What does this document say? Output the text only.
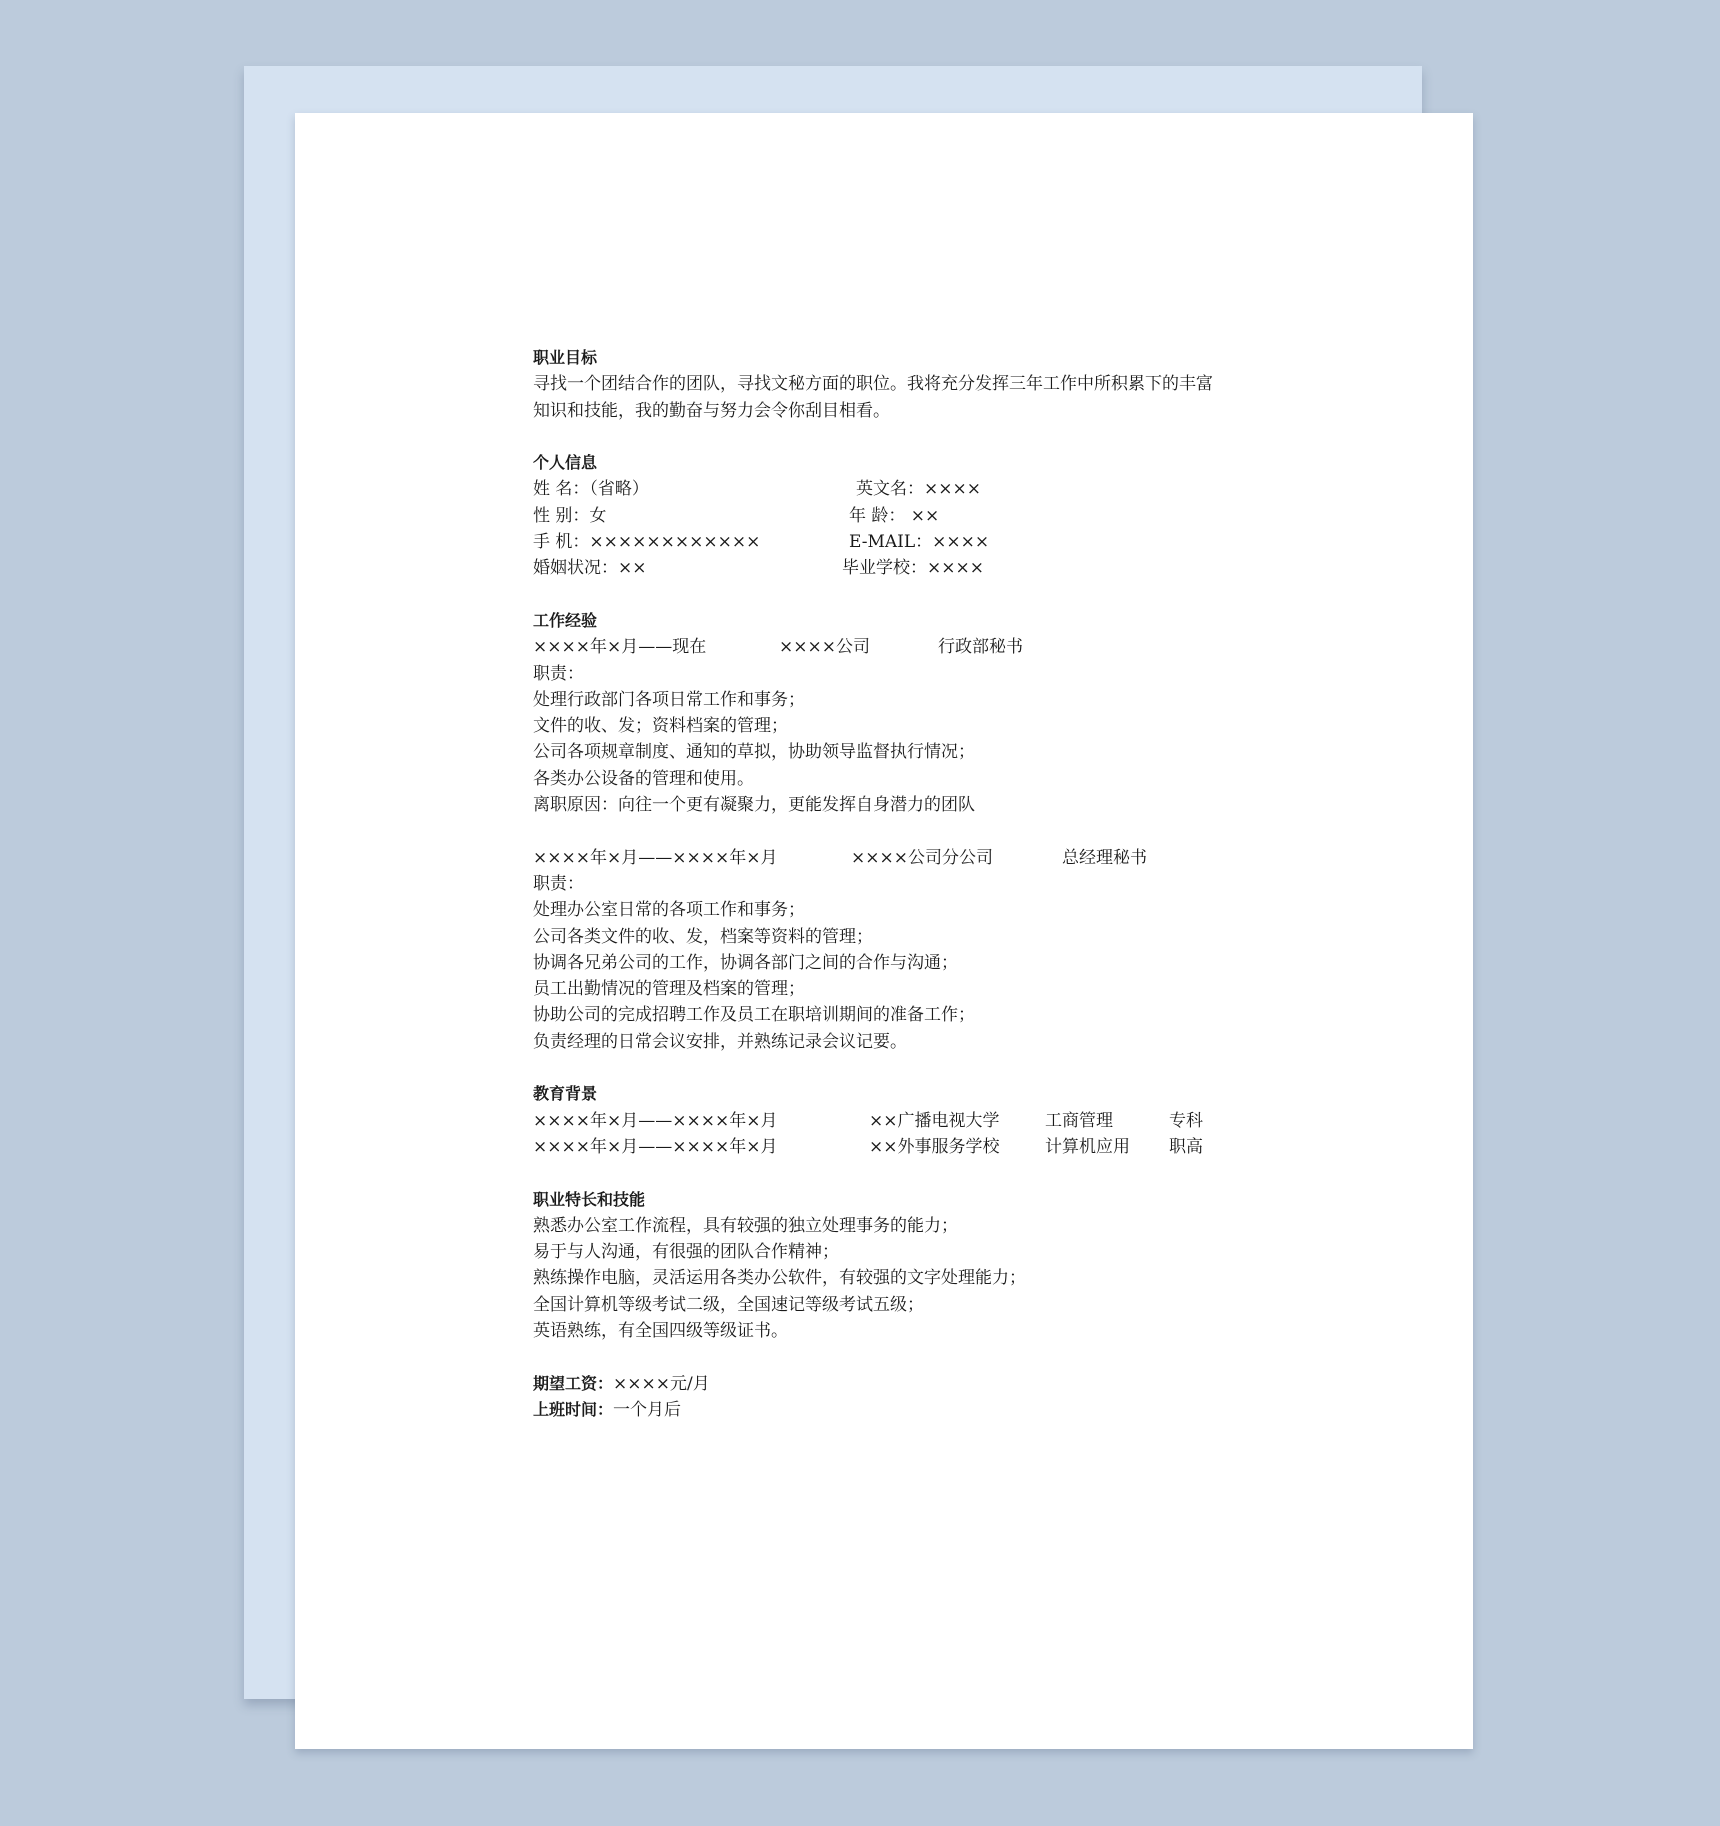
职业目标
寻找一个团结合作的团队，寻找文秘方面的职位。我将充分发挥三年工作中所积累下的丰富
知识和技能，我的勤奋与努力会令你刮目相看。
个人信息
姓 名：（省略）	英文名：××××
性 别：女	年 龄： ××
手 机：××××××××××××	E-MAIL：××××
婚姻状况：××	毕业学校：××××
工作经验
××××年×月——现在	××××公司	行政部秘书
职责：
处理行政部门各项日常工作和事务；
文件的收、发；资料档案的管理；
公司各项规章制度、通知的草拟，协助领导监督执行情况；
各类办公设备的管理和使用。
离职原因：向往一个更有凝聚力，更能发挥自身潜力的团队
××××年×月——××××年×月	××××公司分公司	总经理秘书
职责：
处理办公室日常的各项工作和事务；
公司各类文件的收、发，档案等资料的管理；
协调各兄弟公司的工作，协调各部门之间的合作与沟通；
员工出勤情况的管理及档案的管理；
协助公司的完成招聘工作及员工在职培训期间的准备工作；
负责经理的日常会议安排，并熟练记录会议记要。
教育背景
××××年×月——××××年×月	××广播电视大学	工商管理	专科
××××年×月——××××年×月	××外事服务学校	计算机应用 职高
职业特长和技能
熟悉办公室工作流程，具有较强的独立处理事务的能力；
易于与人沟通，有很强的团队合作精神；
熟练操作电脑，灵活运用各类办公软件，有较强的文字处理能力；
全国计算机等级考试二级，全国速记等级考试五级；
英语熟练，有全国四级等级证书。
期望工资：××××元/月
上班时间：一个月后
